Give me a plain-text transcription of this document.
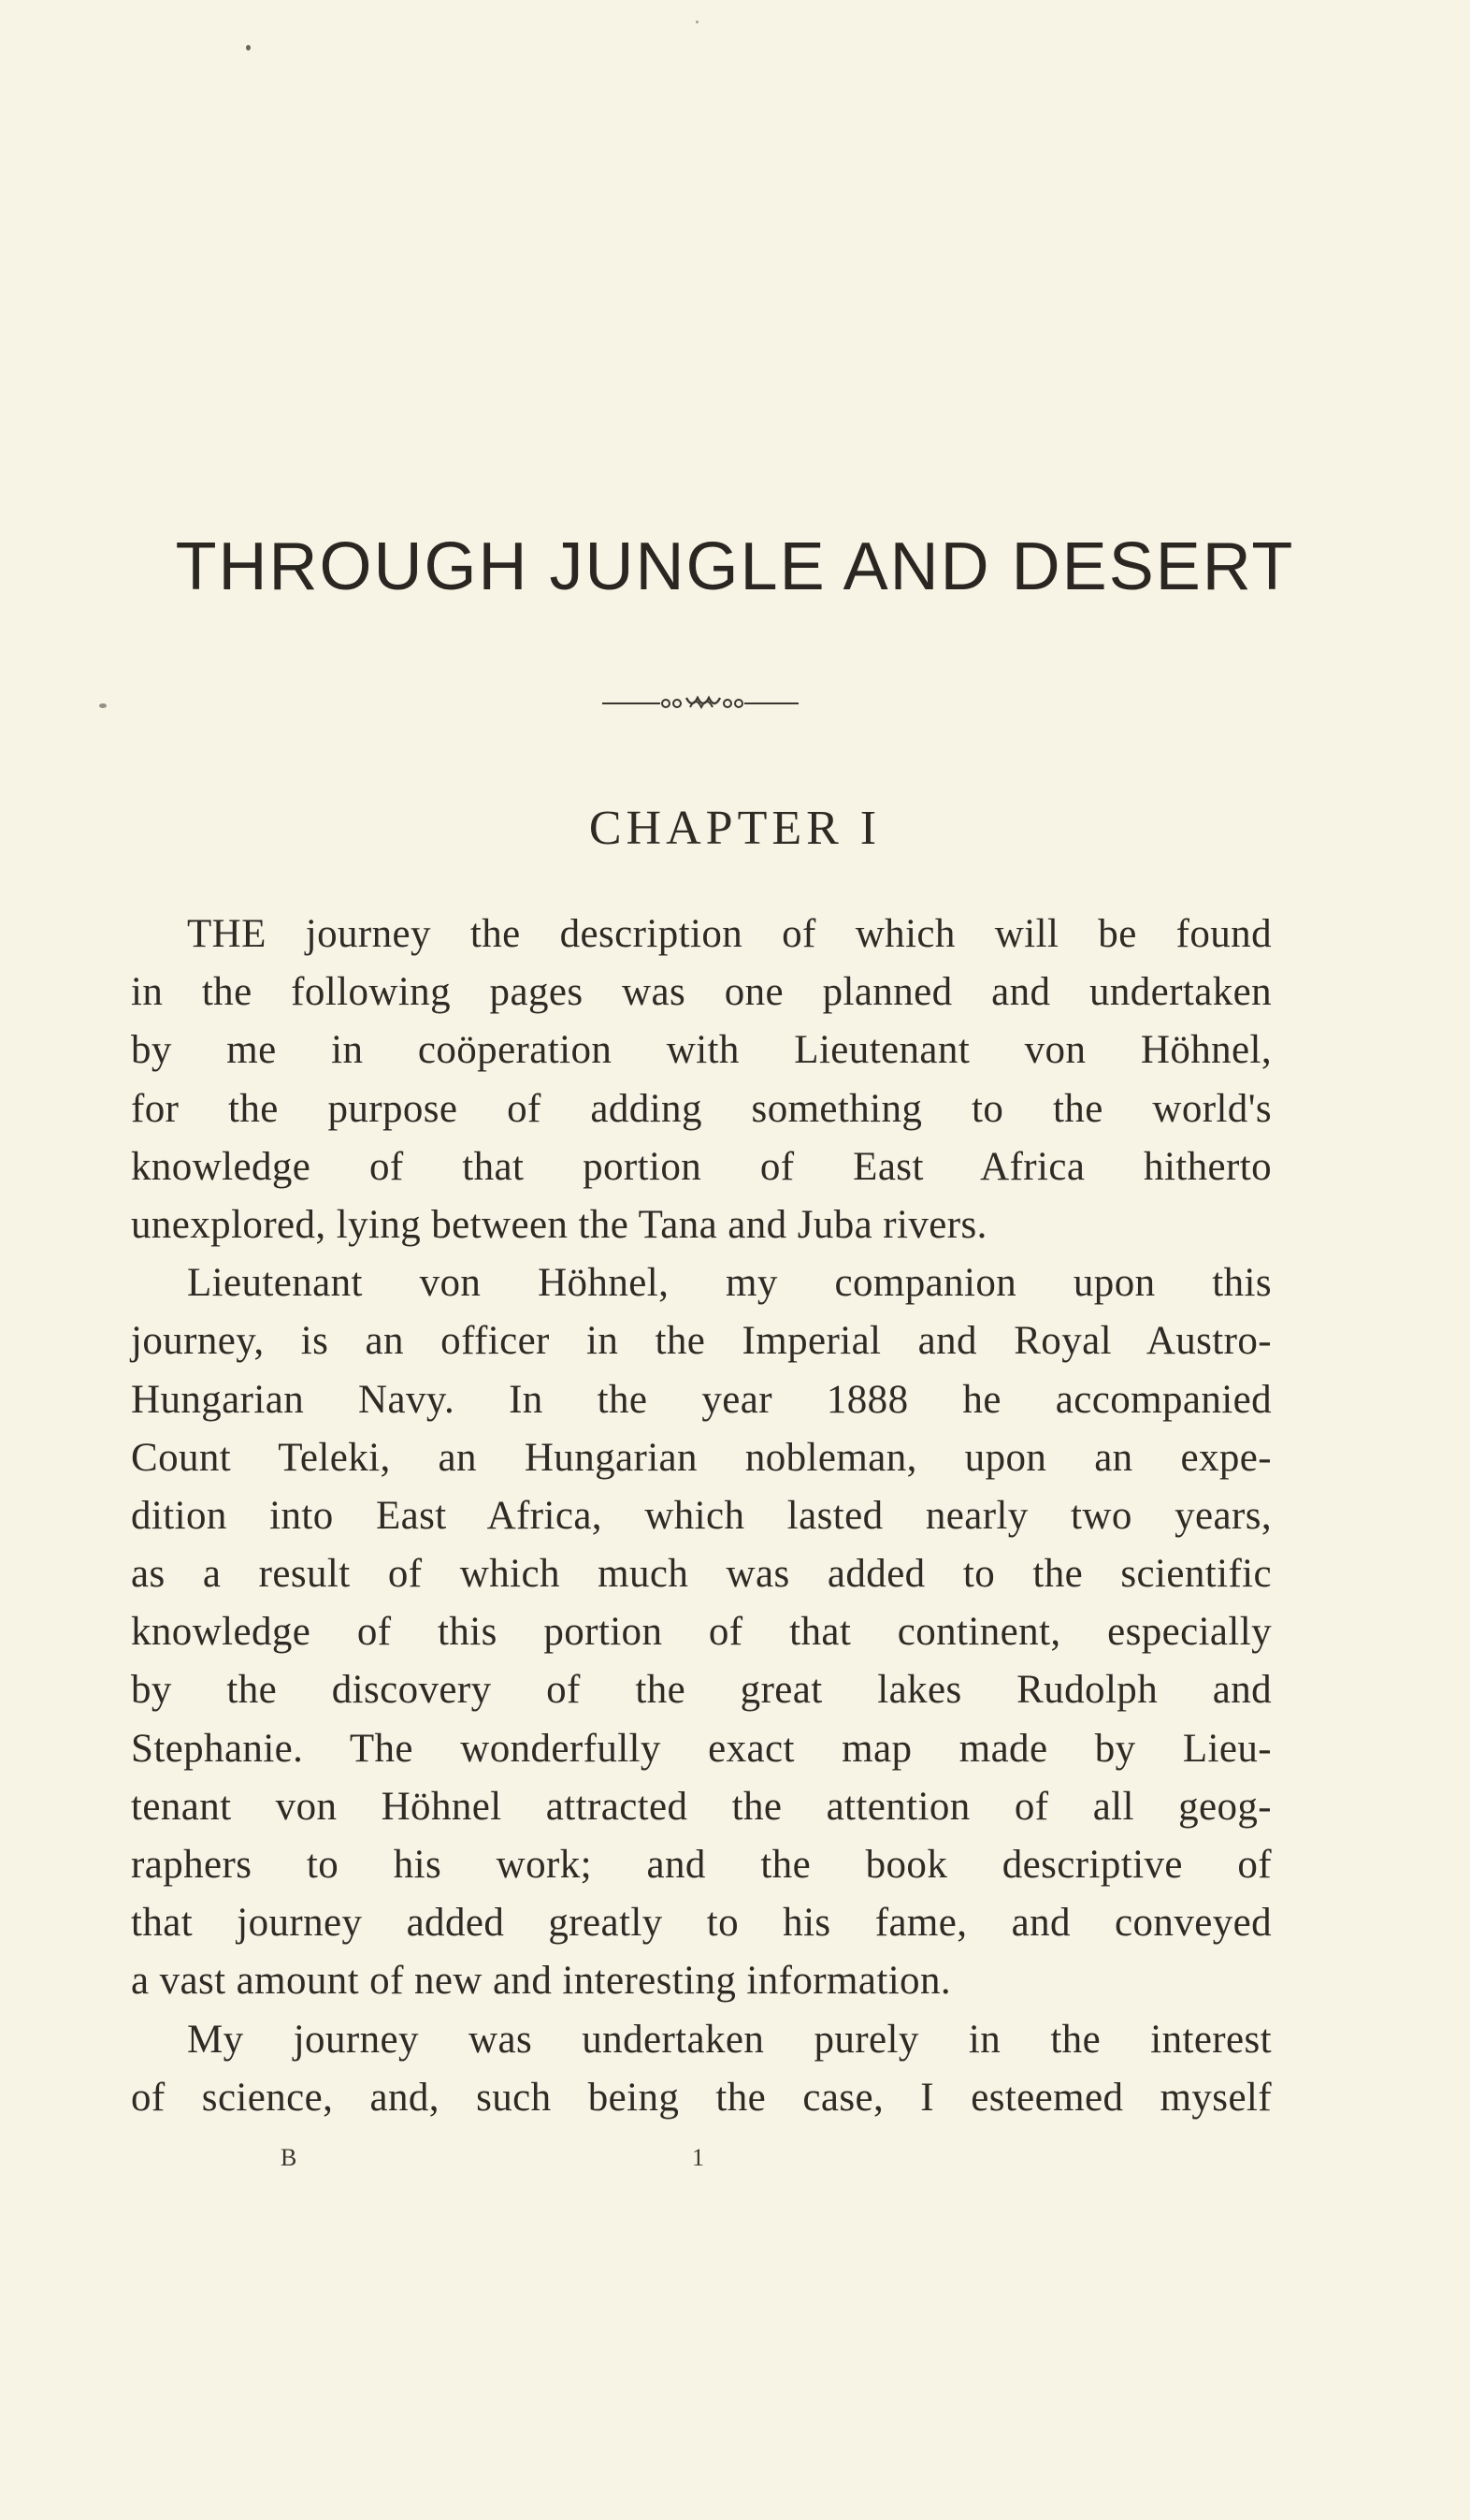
THROUGH JUNGLE AND DESERT
CHAPTER I
THE journey the description of which will be found
in the following pages was one planned and undertaken
by me in coöperation with Lieutenant von Höhnel,
for the purpose of adding something to the world's
knowledge of that portion of East Africa hitherto
unexplored, lying between the Tana and Juba rivers.
Lieutenant von Höhnel, my companion upon this
journey, is an officer in the Imperial and Royal Austro-
Hungarian Navy. In the year 1888 he accompanied
Count Teleki, an Hungarian nobleman, upon an expe-
dition into East Africa, which lasted nearly two years,
as a result of which much was added to the scientific
knowledge of this portion of that continent, especially
by the discovery of the great lakes Rudolph and
Stephanie. The wonderfully exact map made by Lieu-
tenant von Höhnel attracted the attention of all geog-
raphers to his work; and the book descriptive of
that journey added greatly to his fame, and conveyed
a vast amount of new and interesting information.
My journey was undertaken purely in the interest
of science, and, such being the case, I esteemed myself
B	1
